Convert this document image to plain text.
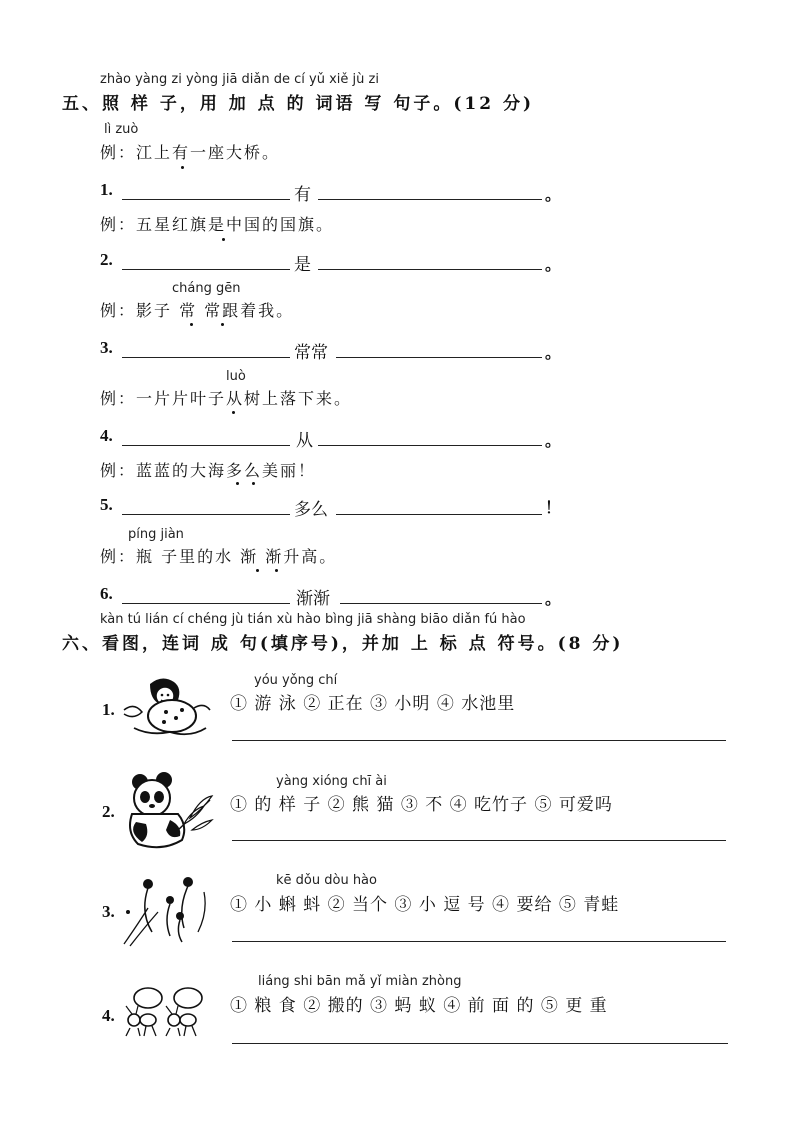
zhào yàng zi yòng jiā diǎn de cí yǔ xiě jù zi
五、照 样 子，用 加 点 的 词语 写 句子。(12 分)
lì zuò
例：江上有一座大桥。
1.	有	。
例：五星红旗是中国的国旗。
2.	是	。
cháng gēn
例：影子 常 常跟着我。
3.	常常	。
luò
例：一片片叶子从树上落下来。
4.	从	。
例：蓝蓝的大海多么美丽！
5.	多么	！
píng jiàn
例：瓶 子里的水 渐 渐升高。
6.	渐渐	。
kàn tú lián cí chéng jù tián xù hào bìng jiā shàng biāo diǎn fú hào
六、看图，连词 成 句(填序号)，并加 上 标 点 符号。(8 分)
1.
yóu yǒng chí
① 游 泳 ② 正在 ③ 小明 ④ 水池里
2.
yàng xióng chī ài
① 的 样 子 ② 熊 猫 ③ 不 ④ 吃竹子 ⑤ 可爱吗
3.
kē dǒu dòu hào
① 小 蝌 蚪 ② 当个 ③ 小 逗 号 ④ 要给 ⑤ 青蛙
4.
liáng shi bān mǎ yǐ miàn zhòng
① 粮 食 ② 搬的 ③ 蚂 蚁 ④ 前 面 的 ⑤ 更 重
